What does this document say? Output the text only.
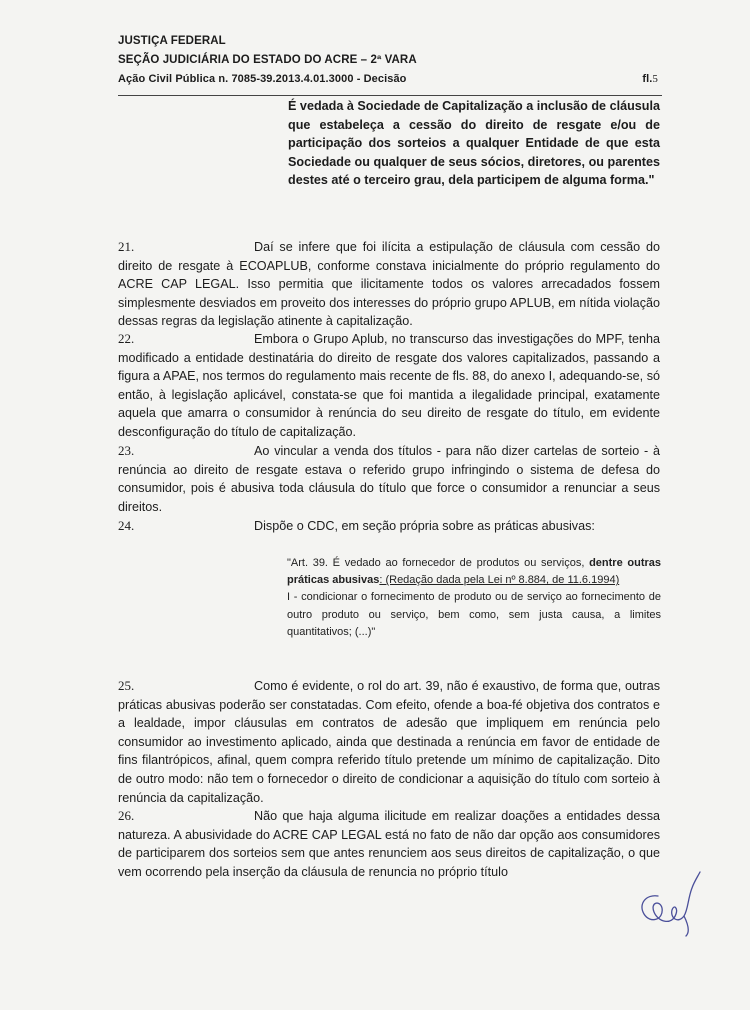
JUSTIÇA FEDERAL
SEÇÃO JUDICIÁRIA DO ESTADO DO ACRE – 2ª VARA
Ação Civil Pública n. 7085-39.2013.4.01.3000 - Decisão	fl.5
É vedada à Sociedade de Capitalização a inclusão de cláusula que estabeleça a cessão do direito de resgate e/ou de participação dos sorteios a qualquer Entidade de que esta Sociedade ou qualquer de seus sócios, diretores, ou parentes destes até o terceiro grau, dela participem de alguma forma."

21.	Daí se infere que foi ilícita a estipulação de cláusula com cessão do direito de resgate à ECOAPLUB, conforme constava inicialmente do próprio regulamento do ACRE CAP LEGAL. Isso permitia que ilicitamente todos os valores arrecadados fossem simplesmente desviados em proveito dos interesses do próprio grupo APLUB, em nítida violação dessas regras da legislação atinente à capitalização.

22.	Embora o Grupo Aplub, no transcurso das investigações do MPF, tenha modificado a entidade destinatária do direito de resgate dos valores capitalizados, passando a figura a APAE, nos termos do regulamento mais recente de fls. 88, do anexo I, adequando-se, só então, à legislação aplicável, constata-se que foi mantida a ilegalidade principal, exatamente aquela que amarra o consumidor à renúncia do seu direito de resgate do título, em evidente desconfiguração do título de capitalização.

23.	Ao vincular a venda dos títulos - para não dizer cartelas de sorteio - à renúncia ao direito de resgate estava o referido grupo infringindo o sistema de defesa do consumidor, pois é abusiva toda cláusula do título que force o consumidor a renunciar a seus direitos.

24.	Dispõe o CDC, em seção própria sobre as práticas abusivas:

"Art. 39. É vedado ao fornecedor de produtos ou serviços, dentre outras práticas abusivas: (Redação dada pela Lei nº 8.884, de 11.6.1994)
I - condicionar o fornecimento de produto ou de serviço ao fornecimento de outro produto ou serviço, bem como, sem justa causa, a limites quantitativos; (...)"

25.	Como é evidente, o rol do art. 39, não é exaustivo, de forma que, outras práticas abusivas poderão ser constatadas. Com efeito, ofende a boa-fé objetiva dos contratos e a lealdade, impor cláusulas em contratos de adesão que impliquem em renúncia pelo consumidor ao investimento aplicado, ainda que destinada a renúncia em favor de entidade de fins filantrópicos, afinal, quem compra referido título pretende um mínimo de capitalização. Dito de outro modo: não tem o fornecedor o direito de condicionar a aquisição do título com sorteio à renúncia da capitalização.

26.	Não que haja alguma ilicitude em realizar doações a entidades dessa natureza. A abusividade do ACRE CAP LEGAL está no fato de não dar opção aos consumidores de participarem dos sorteios sem que antes renunciem aos seus direitos de capitalização, o que vem ocorrendo pela inserção da cláusula de renuncia no próprio título
